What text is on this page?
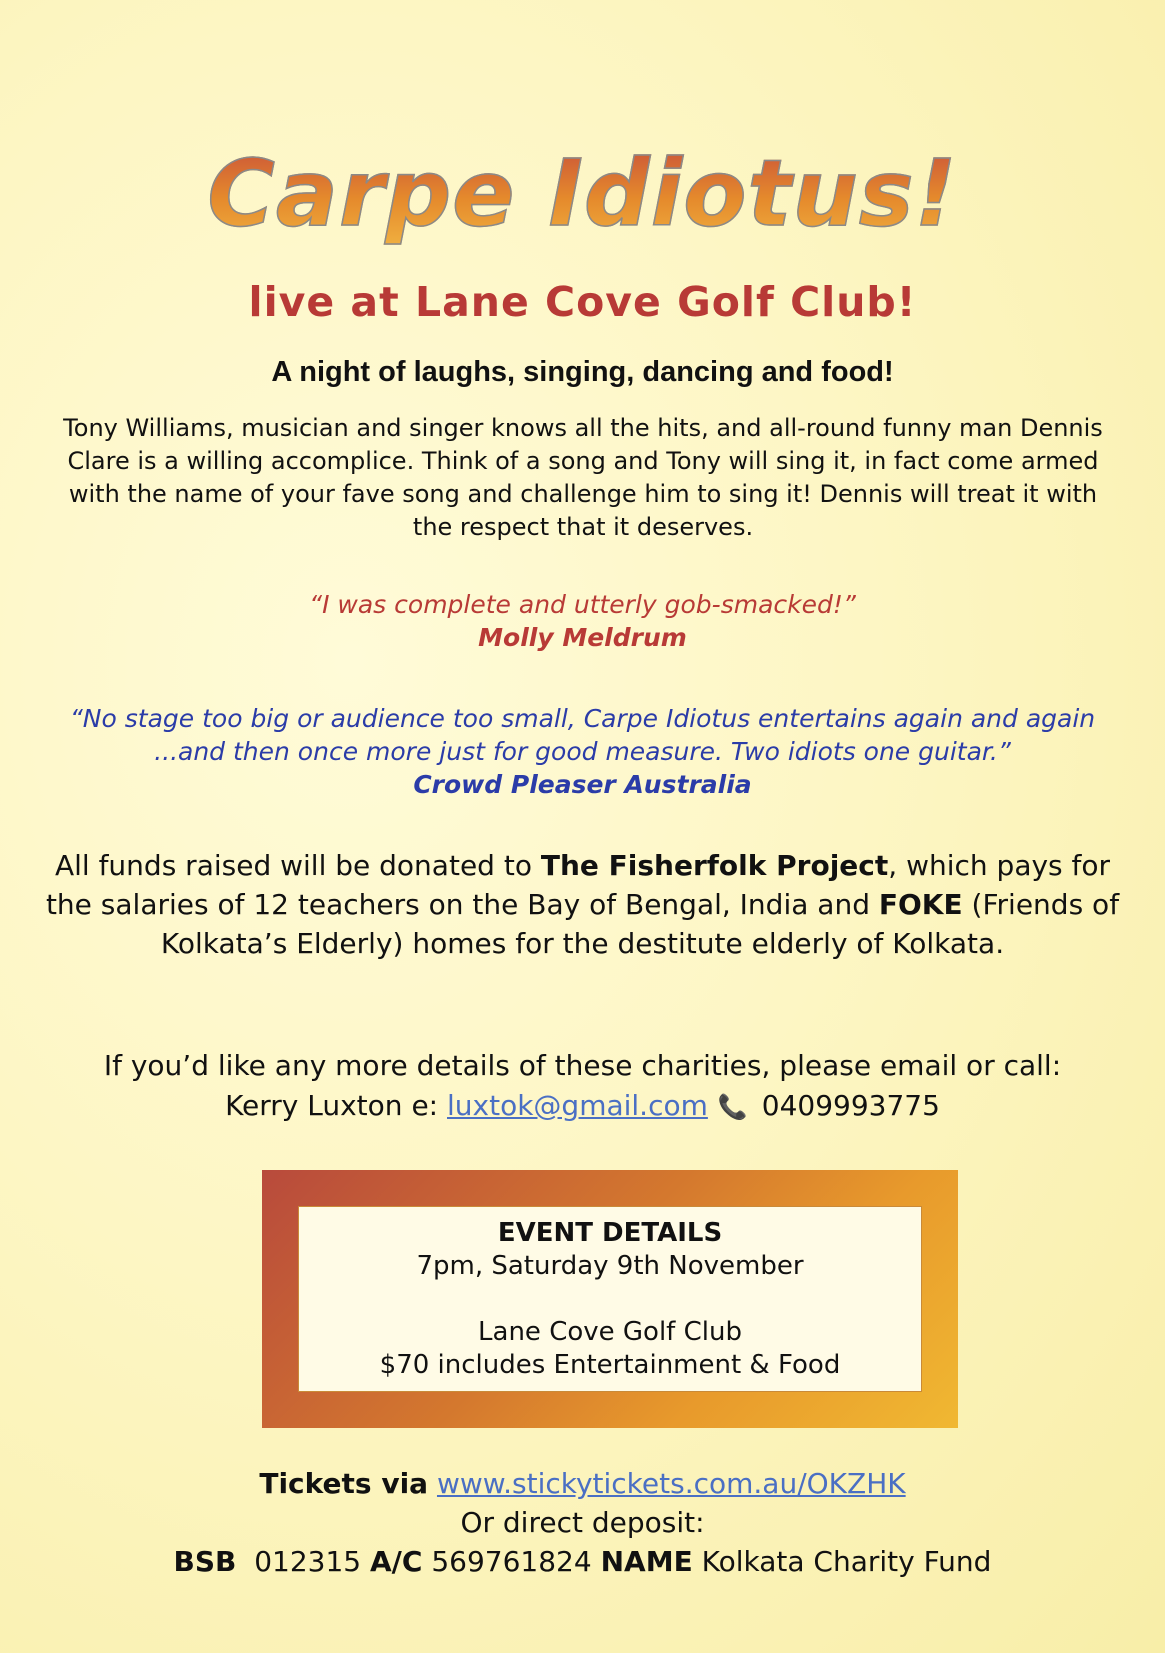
Carpe Idiotus!
live at Lane Cove Golf Club!
A night of laughs, singing, dancing and food!
Tony Williams, musician and singer knows all the hits, and all-round funny man Dennis Clare is a willing accomplice. Think of a song and Tony will sing it, in fact come armed with the name of your fave song and challenge him to sing it! Dennis will treat it with the respect that it deserves.
“I was complete and utterly gob-smacked!”
Molly Meldrum
“No stage too big or audience too small, Carpe Idiotus entertains again and again ...and then once more just for good measure. Two idiots one guitar.”
Crowd Pleaser Australia
All funds raised will be donated to The Fisherfolk Project, which pays for the salaries of 12 teachers on the Bay of Bengal, India and FOKE (Friends of Kolkata’s Elderly) homes for the destitute elderly of Kolkata.
If you’d like any more details of these charities, please email or call:
Kerry Luxton e: luxtok@gmail.com 📞 0409993775
EVENT DETAILS
7pm, Saturday 9th November
Lane Cove Golf Club
$70 includes Entertainment & Food
Tickets via www.stickytickets.com.au/OKZHK
Or direct deposit:
BSB 012315 A/C 569761824 NAME Kolkata Charity Fund
